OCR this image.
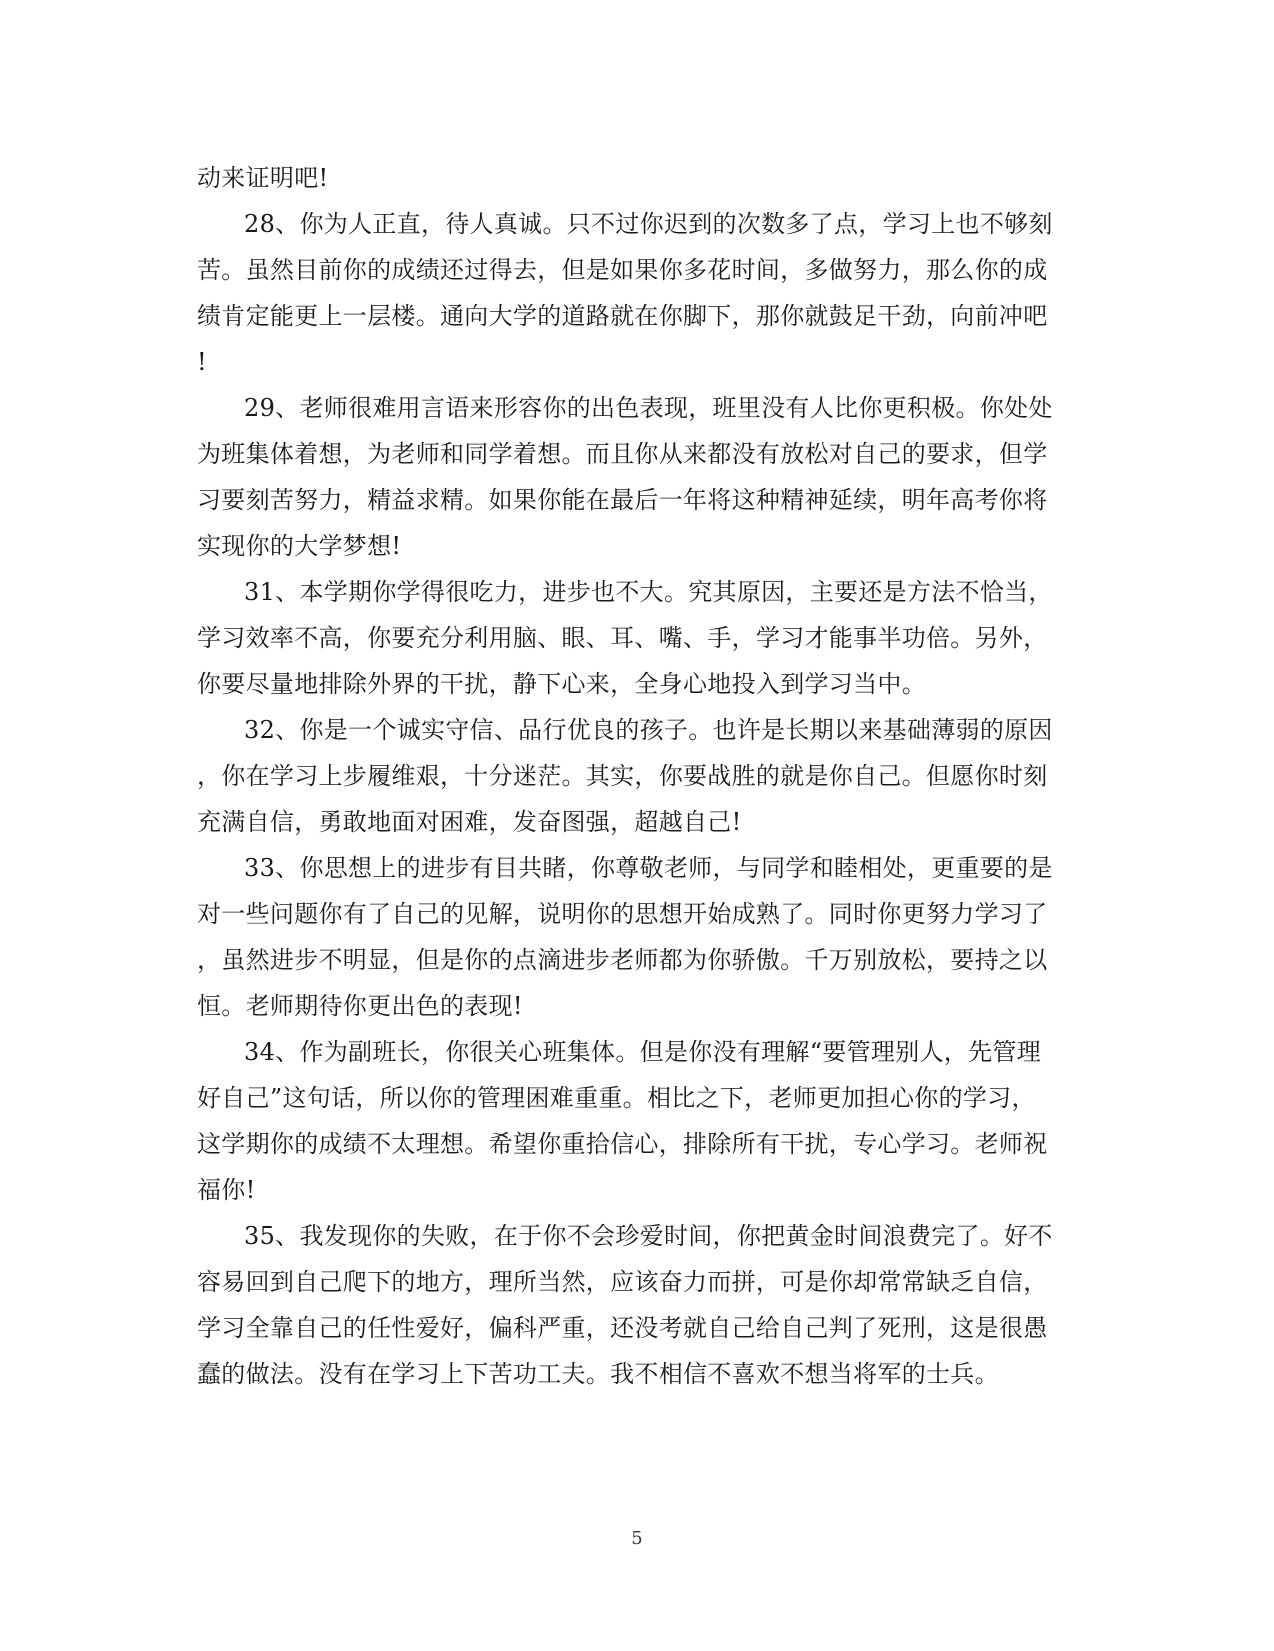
动来证明吧!
28、你为人正直，待人真诚。只不过你迟到的次数多了点，学习上也不够刻
苦。虽然目前你的成绩还过得去，但是如果你多花时间，多做努力，那么你的成
绩肯定能更上一层楼。通向大学的道路就在你脚下，那你就鼓足干劲，向前冲吧
!
29、老师很难用言语来形容你的出色表现，班里没有人比你更积极。你处处
为班集体着想，为老师和同学着想。而且你从来都没有放松对自己的要求，但学
习要刻苦努力，精益求精。如果你能在最后一年将这种精神延续，明年高考你将
实现你的大学梦想!
31、本学期你学得很吃力，进步也不大。究其原因，主要还是方法不恰当，
学习效率不高，你要充分利用脑、眼、耳、嘴、手，学习才能事半功倍。另外，
你要尽量地排除外界的干扰，静下心来，全身心地投入到学习当中。
32、你是一个诚实守信、品行优良的孩子。也许是长期以来基础薄弱的原因
，你在学习上步履维艰，十分迷茫。其实，你要战胜的就是你自己。但愿你时刻
充满自信，勇敢地面对困难，发奋图强，超越自己!
33、你思想上的进步有目共睹，你尊敬老师，与同学和睦相处，更重要的是
对一些问题你有了自己的见解，说明你的思想开始成熟了。同时你更努力学习了
，虽然进步不明显，但是你的点滴进步老师都为你骄傲。千万别放松，要持之以
恒。老师期待你更出色的表现!
34、作为副班长，你很关心班集体。但是你没有理解“要管理别人，先管理
好自己”这句话，所以你的管理困难重重。相比之下，老师更加担心你的学习，
这学期你的成绩不太理想。希望你重拾信心，排除所有干扰，专心学习。老师祝
福你!
35、我发现你的失败，在于你不会珍爱时间，你把黄金时间浪费完了。好不
容易回到自己爬下的地方，理所当然，应该奋力而拼，可是你却常常缺乏自信，
学习全靠自己的任性爱好，偏科严重，还没考就自己给自己判了死刑，这是很愚
蠢的做法。没有在学习上下苦功工夫。我不相信不喜欢不想当将军的士兵。
5
